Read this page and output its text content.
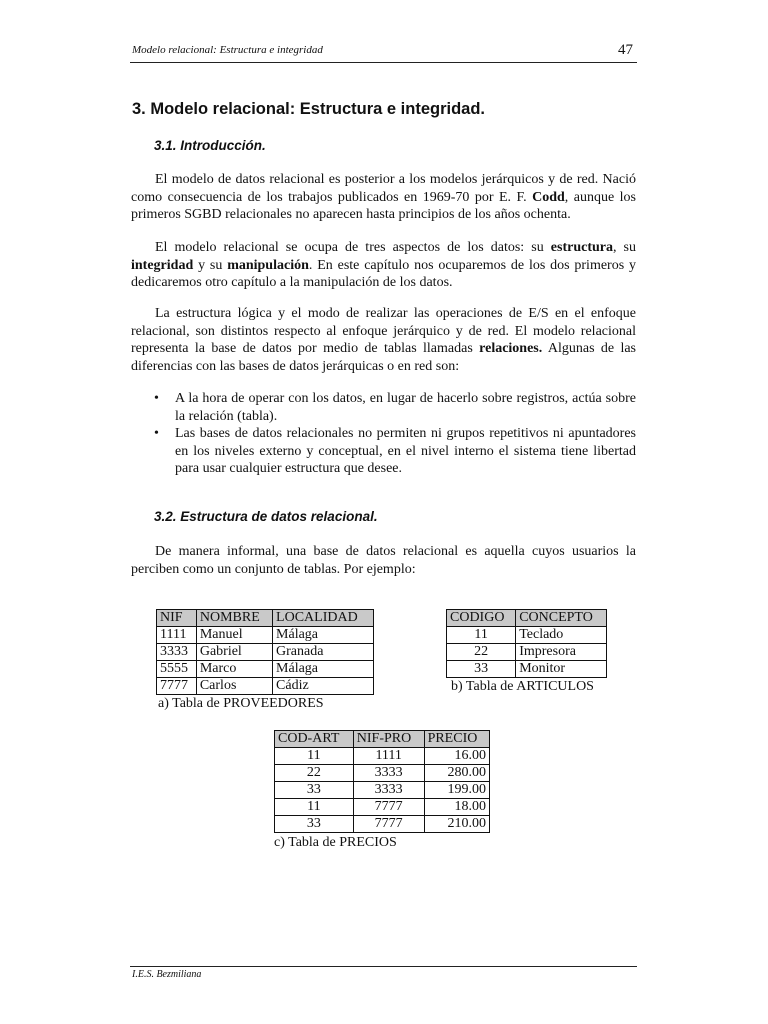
Modelo relacional: Estructura e integridad	47
3. Modelo relacional: Estructura e integridad.
3.1. Introducción.
El modelo de datos relacional es posterior a los modelos jerárquicos y de red. Nació como consecuencia de los trabajos publicados en 1969-70 por E. F. Codd, aunque los primeros SGBD relacionales no aparecen hasta principios de los años ochenta.
El modelo relacional se ocupa de tres aspectos de los datos: su estructura, su integridad y su manipulación. En este capítulo nos ocuparemos de los dos primeros y dedicaremos otro capítulo a la manipulación de los datos.
La estructura lógica y el modo de realizar las operaciones de E/S en el enfoque relacional, son distintos respecto al enfoque jerárquico y de red. El modelo relacional representa la base de datos por medio de tablas llamadas relaciones. Algunas de las diferencias con las bases de datos jerárquicas o en red son:
• A la hora de operar con los datos, en lugar de hacerlo sobre registros, actúa sobre la relación (tabla).
• Las bases de datos relacionales no permiten ni grupos repetitivos ni apuntadores en los niveles externo y conceptual, en el nivel interno el sistema tiene libertad para usar cualquier estructura que desee.
3.2. Estructura de datos relacional.
De manera informal, una base de datos relacional es aquella cuyos usuarios la perciben como un conjunto de tablas. Por ejemplo:
NIF	NOMBRE	LOCALIDAD
1111	Manuel	Málaga
3333	Gabriel	Granada
5555	Marco	Málaga
7777	Carlos	Cádiz
a) Tabla de PROVEEDORES
CODIGO	CONCEPTO
11	Teclado
22	Impresora
33	Monitor
b) Tabla de ARTICULOS
COD-ART	NIF-PRO	PRECIO
11	1111	16.00
22	3333	280.00
33	3333	199.00
11	7777	18.00
33	7777	210.00
c) Tabla de PRECIOS
I.E.S. Bezmiliana
